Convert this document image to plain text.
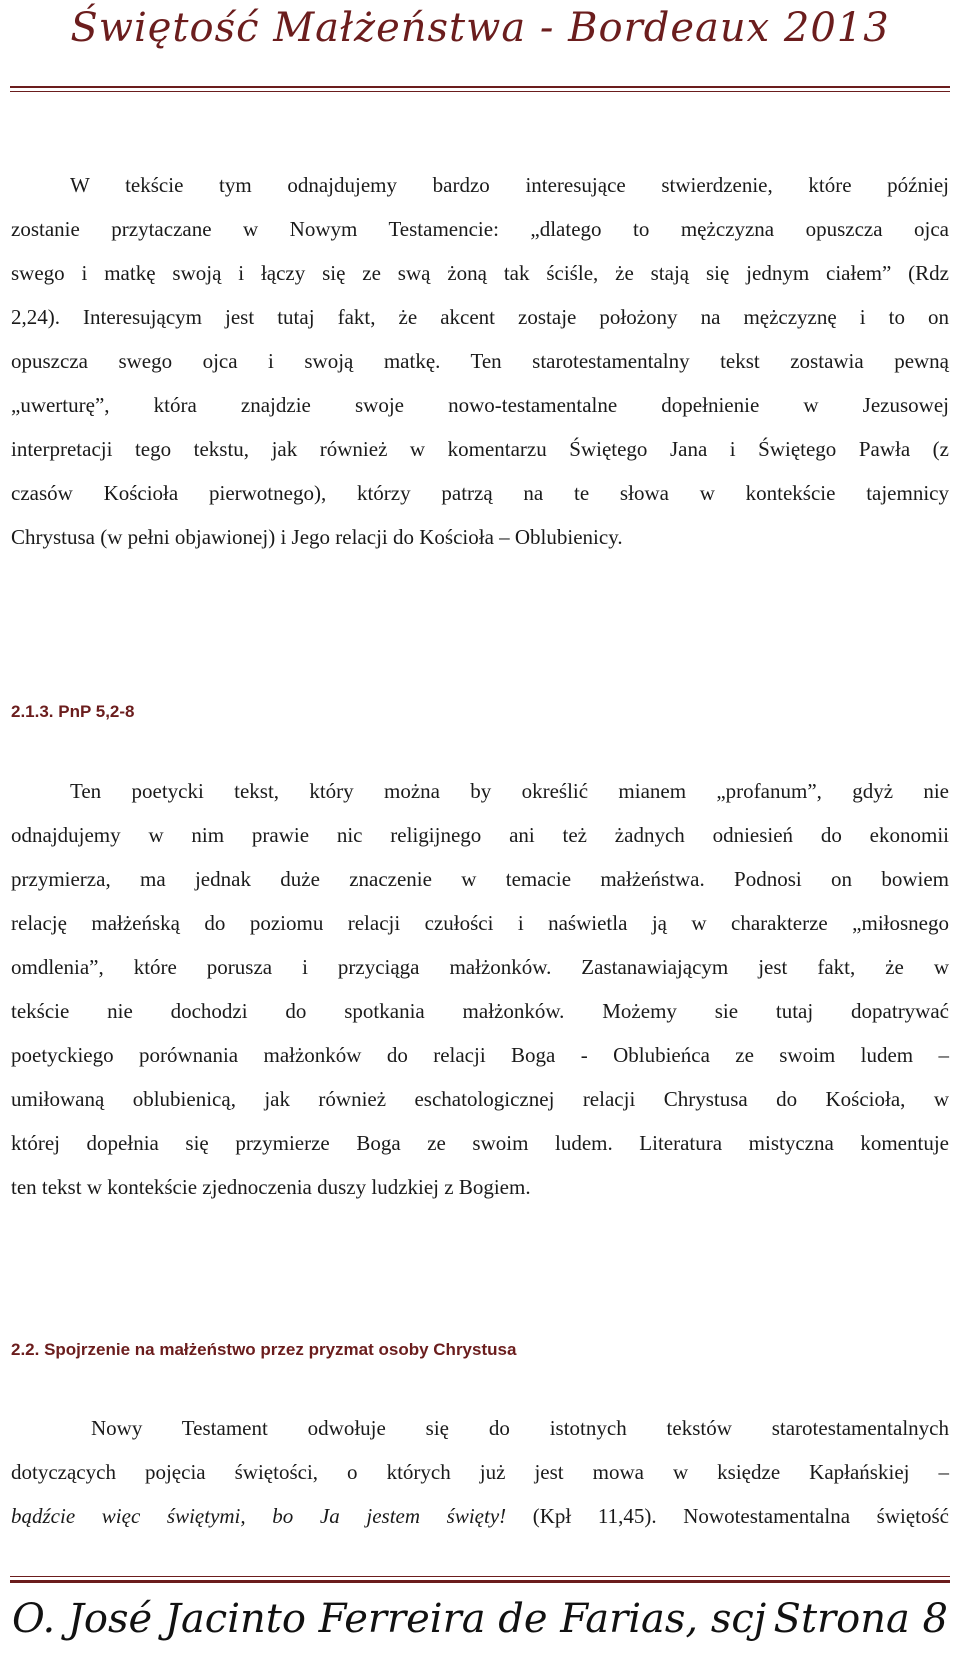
Świętość Małżeństwa - Bordeaux 2013
W tekście tym odnajdujemy bardzo interesujące stwierdzenie, które później
zostanie przytaczane w Nowym Testamencie: „dlatego to mężczyzna opuszcza ojca
swego i matkę swoją i łączy się ze swą żoną tak ściśle, że stają się jednym ciałem” (Rdz
2,24). Interesującym jest tutaj fakt, że akcent zostaje położony na mężczyznę i to on
opuszcza swego ojca i swoją matkę. Ten starotestamentalny tekst zostawia pewną
„uwerturę”, która znajdzie swoje nowo-testamentalne dopełnienie w Jezusowej
interpretacji tego tekstu, jak również w komentarzu Świętego Jana i Świętego Pawła (z
czasów Kościoła pierwotnego), którzy patrzą na te słowa w kontekście tajemnicy
Chrystusa (w pełni objawionej) i Jego relacji do Kościoła – Oblubienicy.
2.1.3. PnP 5,2-8
Ten poetycki tekst, który można by określić mianem „profanum”, gdyż nie
odnajdujemy w nim prawie nic religijnego ani też żadnych odniesień do ekonomii
przymierza, ma jednak duże znaczenie w temacie małżeństwa. Podnosi on bowiem
relację małżeńską do poziomu relacji czułości i naświetla ją w charakterze „miłosnego
omdlenia”, które porusza i przyciąga małżonków. Zastanawiającym jest fakt, że w
tekście nie dochodzi do spotkania małżonków. Możemy sie tutaj dopatrywać
poetyckiego porównania małżonków do relacji Boga - Oblubieńca ze swoim ludem –
umiłowaną oblubienicą, jak również eschatologicznej relacji Chrystusa do Kościoła, w
której dopełnia się przymierze Boga ze swoim ludem. Literatura mistyczna komentuje
ten tekst w kontekście zjednoczenia duszy ludzkiej z Bogiem.
2.2. Spojrzenie na małżeństwo przez pryzmat osoby Chrystusa
Nowy Testament odwołuje się do istotnych tekstów starotestamentalnych
dotyczących pojęcia świętości, o których już jest mowa w księdze Kapłańskiej –
bądźcie więc świętymi, bo Ja jestem święty! (Kpł 11,45). Nowotestamentalna świętość
O. José Jacinto Ferreira de Farias, scj Strona 8
